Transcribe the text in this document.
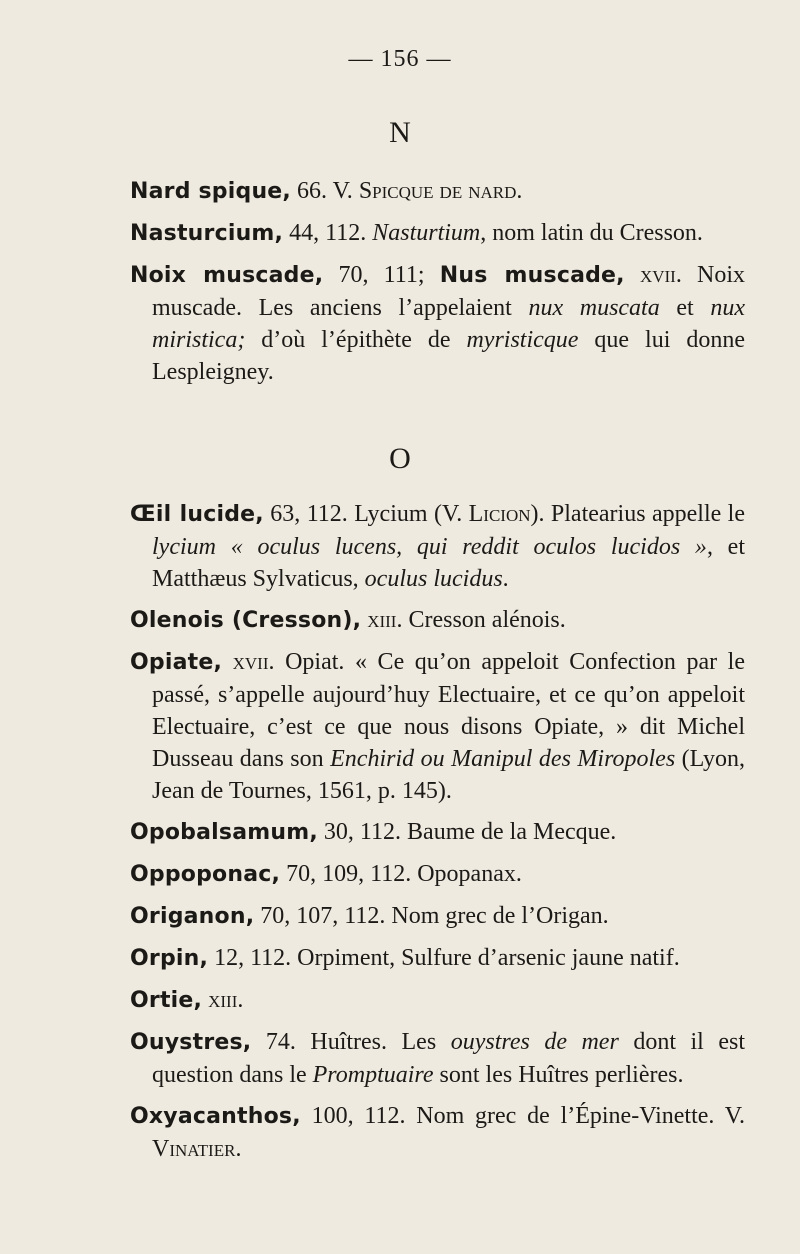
— 156 —
N
Nard spique, 66. V. Spicque de nard.
Nasturcium, 44, 112. Nasturtium, nom latin du Cresson.
Noix muscade, 70, 111; Nus muscade, xvii. Noix muscade. Les anciens l’appelaient nux muscata et nux miristica; d’où l’épithète de myristicque que lui donne Lespleigney.
O
Œil lucide, 63, 112. Lycium (V. Licion). Platearius appelle le lycium « oculus lucens, qui reddit oculos lucidos », et Matthæus Sylvaticus, oculus lucidus.
Olenois (Cresson), xiii. Cresson alénois.
Opiate, xvii. Opiat. « Ce qu’on appeloit Confection par le passé, s’appelle aujourd’huy Electuaire, et ce qu’on appeloit Electuaire, c’est ce que nous disons Opiate, » dit Michel Dusseau dans son Enchirid ou Manipul des Miropoles (Lyon, Jean de Tournes, 1561, p. 145).
Opobalsamum, 30, 112. Baume de la Mecque.
Oppoponac, 70, 109, 112. Opopanax.
Origanon, 70, 107, 112. Nom grec de l’Origan.
Orpin, 12, 112. Orpiment, Sulfure d’arsenic jaune natif.
Ortie, xiii.
Ouystres, 74. Huîtres. Les ouystres de mer dont il est question dans le Promptuaire sont les Huîtres perlières.
Oxyacanthos, 100, 112. Nom grec de l’Épine-Vinette. V. Vinatier.
